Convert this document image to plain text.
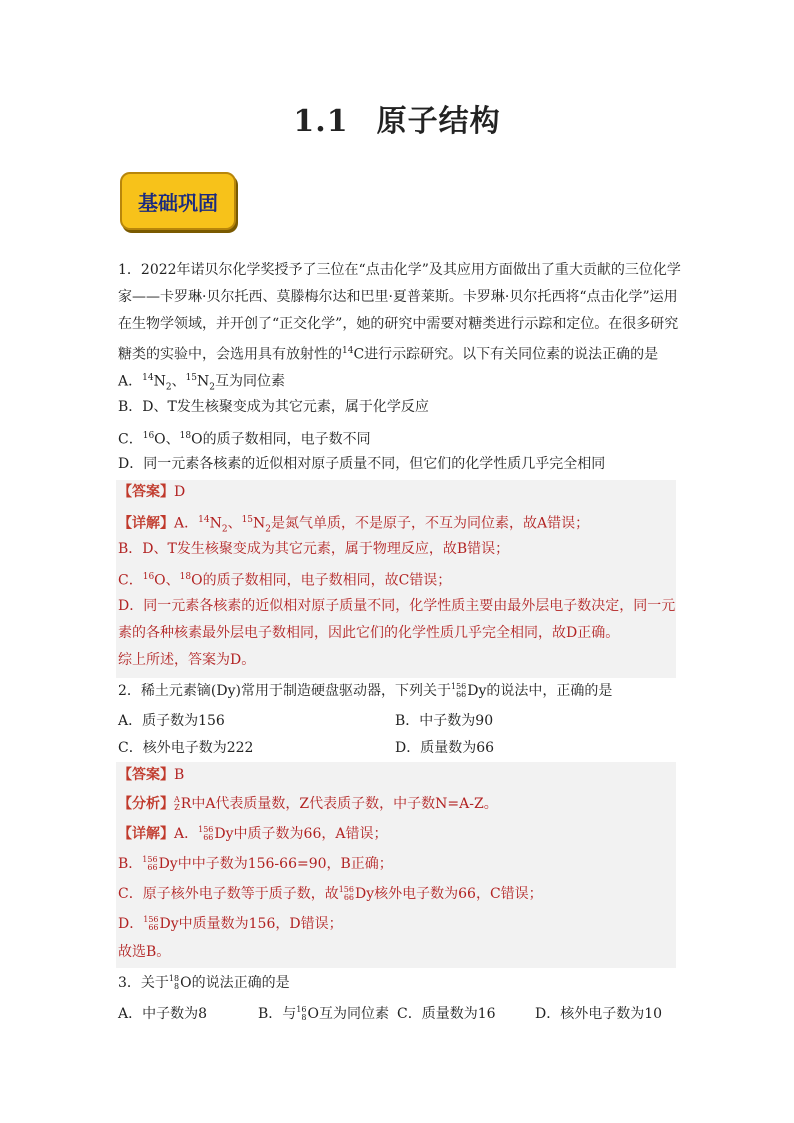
1.1 原子结构
基础巩固
1．2022年诺贝尔化学奖授予了三位在“点击化学”及其应用方面做出了重大贡献的三位化学
家——卡罗琳·贝尔托西、莫滕梅尔达和巴里·夏普莱斯。卡罗琳·贝尔托西将“点击化学”运用
在生物学领域，并开创了“正交化学”，她的研究中需要对糖类进行示踪和定位。在很多研究
糖类的实验中，会选用具有放射性的$^{14}$C进行示踪研究。以下有关同位素的说法正确的是
A．$^{14}N_2$、$^{15}N_2$互为同位素
B．D、T发生核聚变成为其它元素，属于化学反应
C．$^{16}$O、$^{18}$O的质子数相同，电子数不同
D．同一元素各核素的近似相对原子质量不同，但它们的化学性质几乎完全相同
【答案】D
【详解】A．$^{14}N_2$、$^{15}N_2$是氮气单质，不是原子，不互为同位素，故A错误；
B．D、T发生核聚变成为其它元素，属于物理反应，故B错误；
C．$^{16}$O、$^{18}$O的质子数相同，电子数相同，故C错误；
D．同一元素各核素的近似相对原子质量不同，化学性质主要由最外层电子数决定，同一元
素的各种核素最外层电子数相同，因此它们的化学性质几乎完全相同，故D正确。
综上所述，答案为D。
2．稀土元素镝(Dy)常用于制造硬盘驱动器，下列关于 156
66 Dy的说法中，正确的是
A．质子数为156	B．中子数为90
C．核外电子数为222	D．质量数为66
【答案】B
【分析】 A
Z R中A代表质量数，Z代表质子数，中子数N=A-Z。
【详解】A． 156
66 Dy中质子数为66，A错误；
B． 156
66 Dy中中子数为156-66=90，B正确；
C．原子核外电子数等于质子数，故 156
66 Dy核外电子数为66，C错误；
D． 156
66 Dy中质量数为156，D错误；
故选B。
3．关于 18
8 O的说法正确的是
A．中子数为8	B．与 16
8 O互为同位素 C．质量数为16	D．核外电子数为10
